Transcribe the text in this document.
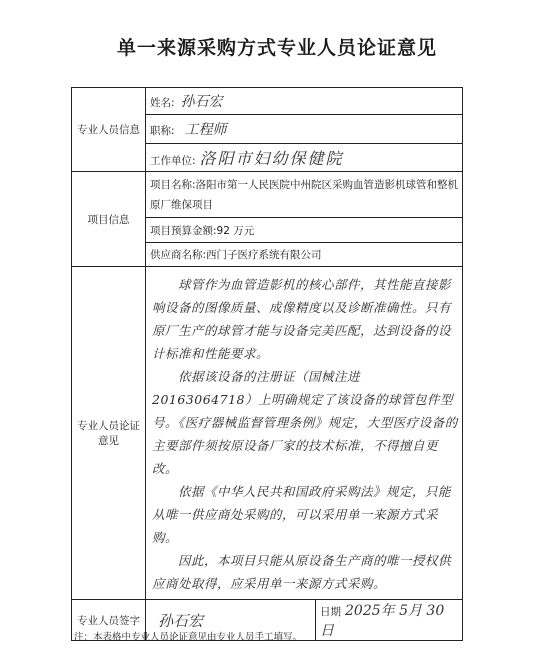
单一来源采购方式专业人员论证意见
专业人员信息	姓名: 孙石宏	
	职称: 工程师	
	工作单位: 洛阳市妇幼保健院	
项目信息	项目名称:洛阳市第一人民医院中州院区采购血管造影机球管和整机原厂维保项目	
	项目预算金额:92 万元	
	供应商名称:西门子医疗系统有限公司	
专业人员论证意见	球管作为血管造影机的核心部件，其性能直接影响设备的图像质量、成像精度以及诊断准确性。只有原厂生产的球管才能与设备完美匹配，达到设备的设计标准和性能要求。

依据该设备的注册证（国械注进20163064718）上明确规定了该设备的球管包件型号。《医疗器械监督管理条例》规定，大型医疗设备的主要部件须按原设备厂家的技术标准，不得擅自更改。

依据《中华人民共和国政府采购法》规定，只能从唯一供应商处采购的，可以采用单一来源方式采购。

因此，本项目只能从原设备生产商的唯一授权供应商处取得，应采用单一来源方式采购。	

专业人员签字	孙石宏	日期 2025年 5月 30日
注：本表格中专业人员论证意见由专业人员手工填写。
